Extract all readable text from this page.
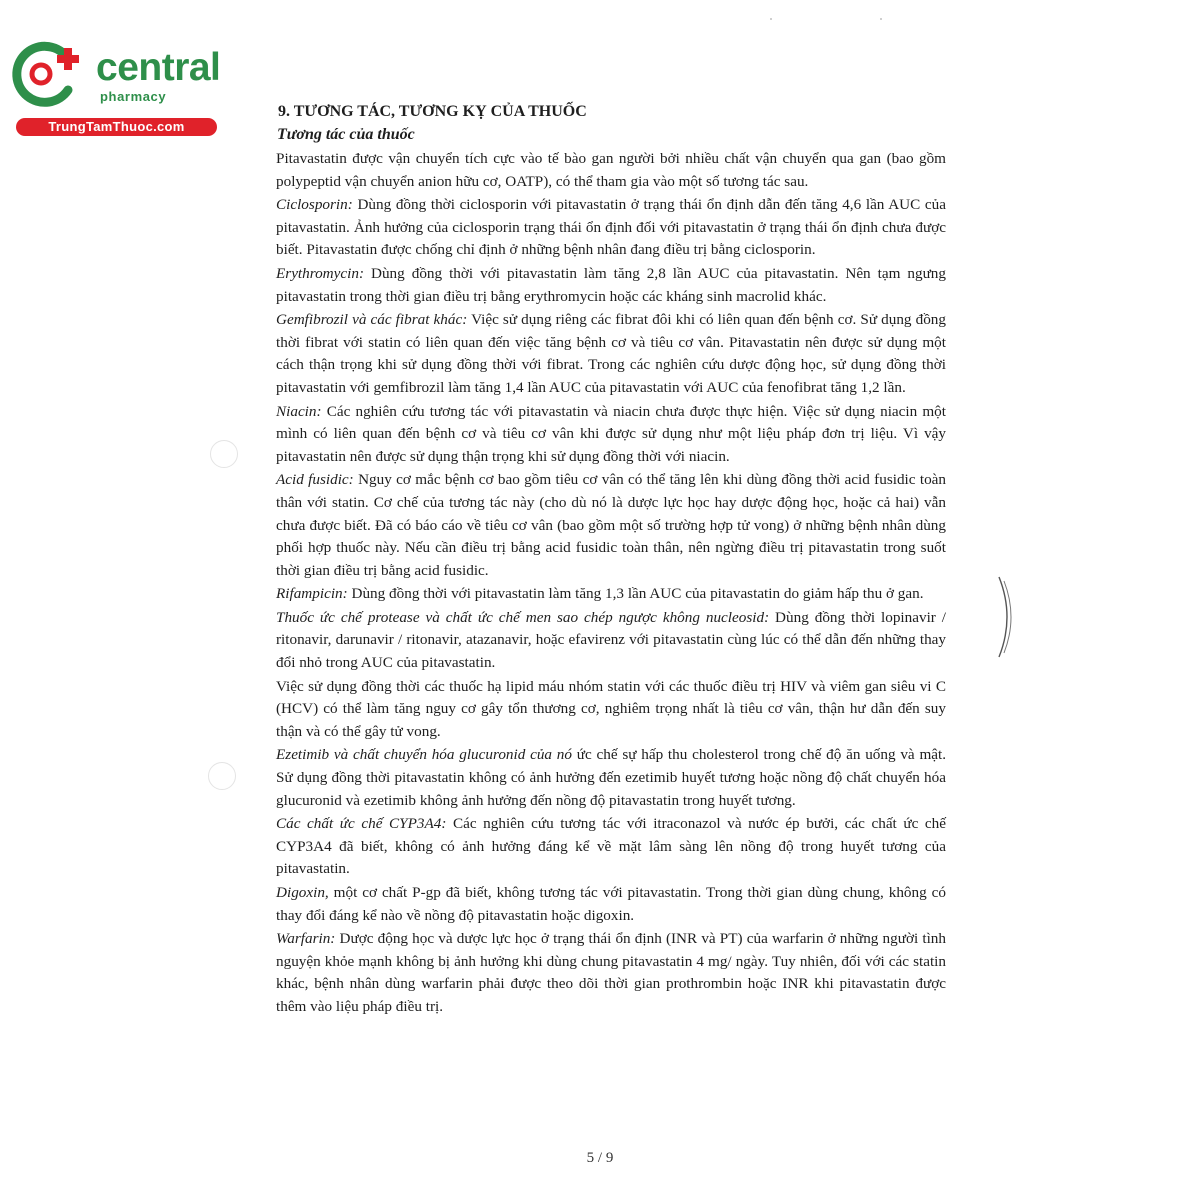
central
pharmacy
TrungTamThuoc.com
9. TƯƠNG TÁC, TƯƠNG KỴ CỦA THUỐC
Tương tác của thuốc

Pitavastatin được vận chuyển tích cực vào tế bào gan người bởi nhiều chất vận chuyển qua gan (bao gồm polypeptid vận chuyển anion hữu cơ, OATP), có thể tham gia vào một số tương tác sau.

Ciclosporin: Dùng đồng thời ciclosporin với pitavastatin ở trạng thái ổn định dẫn đến tăng 4,6 lần AUC của pitavastatin. Ảnh hưởng của ciclosporin trạng thái ổn định đối với pitavastatin ở trạng thái ổn định chưa được biết. Pitavastatin được chống chỉ định ở những bệnh nhân đang điều trị bằng ciclosporin.

Erythromycin: Dùng đồng thời với pitavastatin làm tăng 2,8 lần AUC của pitavastatin. Nên tạm ngưng pitavastatin trong thời gian điều trị bằng erythromycin hoặc các kháng sinh macrolid khác.

Gemfibrozil và các fibrat khác: Việc sử dụng riêng các fibrat đôi khi có liên quan đến bệnh cơ. Sử dụng đồng thời fibrat với statin có liên quan đến việc tăng bệnh cơ và tiêu cơ vân. Pitavastatin nên được sử dụng một cách thận trọng khi sử dụng đồng thời với fibrat. Trong các nghiên cứu dược động học, sử dụng đồng thời pitavastatin với gemfibrozil làm tăng 1,4 lần AUC của pitavastatin với AUC của fenofibrat tăng 1,2 lần.

Niacin: Các nghiên cứu tương tác với pitavastatin và niacin chưa được thực hiện. Việc sử dụng niacin một mình có liên quan đến bệnh cơ và tiêu cơ vân khi được sử dụng như một liệu pháp đơn trị liệu. Vì vậy pitavastatin nên được sử dụng thận trọng khi sử dụng đồng thời với niacin.

Acid fusidic: Nguy cơ mắc bệnh cơ bao gồm tiêu cơ vân có thể tăng lên khi dùng đồng thời acid fusidic toàn thân với statin. Cơ chế của tương tác này (cho dù nó là dược lực học hay dược động học, hoặc cả hai) vẫn chưa được biết. Đã có báo cáo về tiêu cơ vân (bao gồm một số trường hợp tử vong) ở những bệnh nhân dùng phối hợp thuốc này. Nếu cần điều trị bằng acid fusidic toàn thân, nên ngừng điều trị pitavastatin trong suốt thời gian điều trị bằng acid fusidic.

Rifampicin: Dùng đồng thời với pitavastatin làm tăng 1,3 lần AUC của pitavastatin do giảm hấp thu ở gan.

Thuốc ức chế protease và chất ức chế men sao chép ngược không nucleosid: Dùng đồng thời lopinavir / ritonavir, darunavir / ritonavir, atazanavir, hoặc efavirenz với pitavastatin cùng lúc có thể dẫn đến những thay đổi nhỏ trong AUC của pitavastatin.

Việc sử dụng đồng thời các thuốc hạ lipid máu nhóm statin với các thuốc điều trị HIV và viêm gan siêu vi C (HCV) có thể làm tăng nguy cơ gây tổn thương cơ, nghiêm trọng nhất là tiêu cơ vân, thận hư dẫn đến suy thận và có thể gây tử vong.

Ezetimib và chất chuyển hóa glucuronid của nó ức chế sự hấp thu cholesterol trong chế độ ăn uống và mật. Sử dụng đồng thời pitavastatin không có ảnh hưởng đến ezetimib huyết tương hoặc nồng độ chất chuyển hóa glucuronid và ezetimib không ảnh hưởng đến nồng độ pitavastatin trong huyết tương.

Các chất ức chế CYP3A4: Các nghiên cứu tương tác với itraconazol và nước ép bưởi, các chất ức chế CYP3A4 đã biết, không có ảnh hưởng đáng kể về mặt lâm sàng lên nồng độ trong huyết tương của pitavastatin.

Digoxin, một cơ chất P-gp đã biết, không tương tác với pitavastatin. Trong thời gian dùng chung, không có thay đổi đáng kể nào về nồng độ pitavastatin hoặc digoxin.

Warfarin: Dược động học và dược lực học ở trạng thái ổn định (INR và PT) của warfarin ở những người tình nguyện khỏe mạnh không bị ảnh hưởng khi dùng chung pitavastatin 4 mg/ ngày. Tuy nhiên, đối với các statin khác, bệnh nhân dùng warfarin phải được theo dõi thời gian prothrombin hoặc INR khi pitavastatin được thêm vào liệu pháp điều trị.

5 / 9
